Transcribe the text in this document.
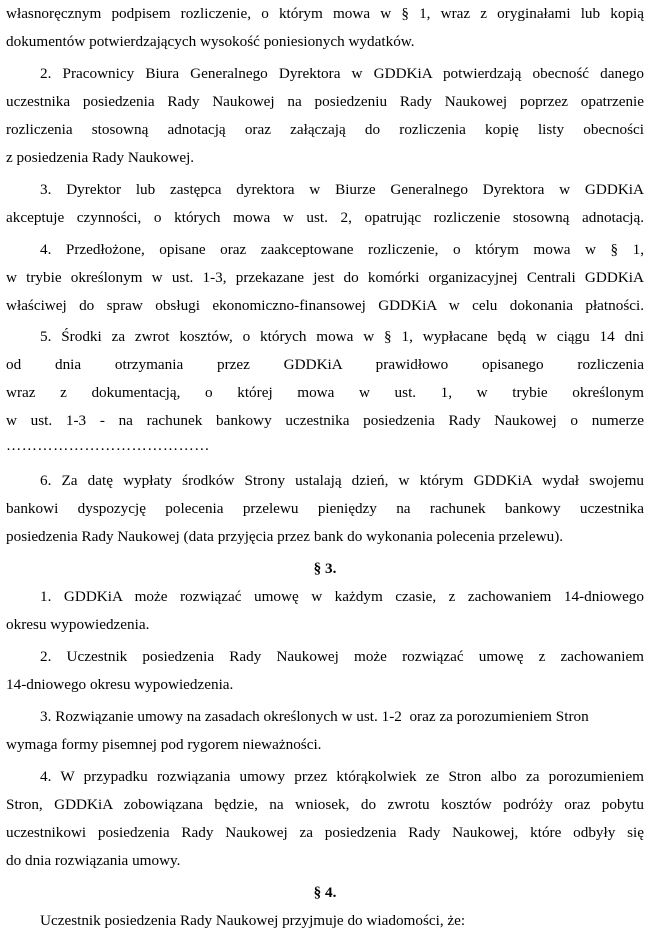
własnoręcznym podpisem rozliczenie, o którym mowa w § 1, wraz z oryginałami lub kopią
dokumentów potwierdzających wysokość poniesionych wydatków.
2. Pracownicy Biura Generalnego Dyrektora w GDDKiA potwierdzają obecność danego
uczestnika posiedzenia Rady Naukowej na posiedzeniu Rady Naukowej poprzez opatrzenie
rozliczenia stosowną adnotacją oraz załączają do rozliczenia kopię listy obecności
z posiedzenia Rady Naukowej.
3. Dyrektor lub zastępca dyrektora w Biurze Generalnego Dyrektora w GDDKiA
akceptuje czynności, o których mowa w ust. 2, opatrując rozliczenie stosowną adnotacją.
4. Przedłożone, opisane oraz zaakceptowane rozliczenie, o którym mowa w § 1,
w trybie określonym w ust. 1-3, przekazane jest do komórki organizacyjnej Centrali GDDKiA
właściwej do spraw obsługi ekonomiczno-finansowej GDDKiA w celu dokonania płatności.
5. Środki za zwrot kosztów, o których mowa w § 1, wypłacane będą w ciągu 14 dni
od dnia otrzymania przez GDDKiA prawidłowo opisanego rozliczenia
wraz z dokumentacją, o której mowa w ust. 1, w trybie określonym
w ust. 1-3 - na rachunek bankowy uczestnika posiedzenia Rady Naukowej o numerze
…………………………………
6. Za datę wypłaty środków Strony ustalają dzień, w którym GDDKiA wydał swojemu
bankowi dyspozycję polecenia przelewu pieniędzy na rachunek bankowy uczestnika
posiedzenia Rady Naukowej (data przyjęcia przez bank do wykonania polecenia przelewu).
§ 3.
1. GDDKiA może rozwiązać umowę w każdym czasie, z zachowaniem 14-dniowego
okresu wypowiedzenia.
2. Uczestnik posiedzenia Rady Naukowej może rozwiązać umowę z zachowaniem
14-dniowego okresu wypowiedzenia.
3. Rozwiązanie umowy na zasadach określonych w ust. 1-2  oraz za porozumieniem Stron
wymaga formy pisemnej pod rygorem nieważności.
4. W przypadku rozwiązania umowy przez którąkolwiek ze Stron albo za porozumieniem
Stron, GDDKiA zobowiązana będzie, na wniosek, do zwrotu kosztów podróży oraz pobytu
uczestnikowi posiedzenia Rady Naukowej za posiedzenia Rady Naukowej, które odbyły się
do dnia rozwiązania umowy.
§ 4.
Uczestnik posiedzenia Rady Naukowej przyjmuje do wiadomości, że:
